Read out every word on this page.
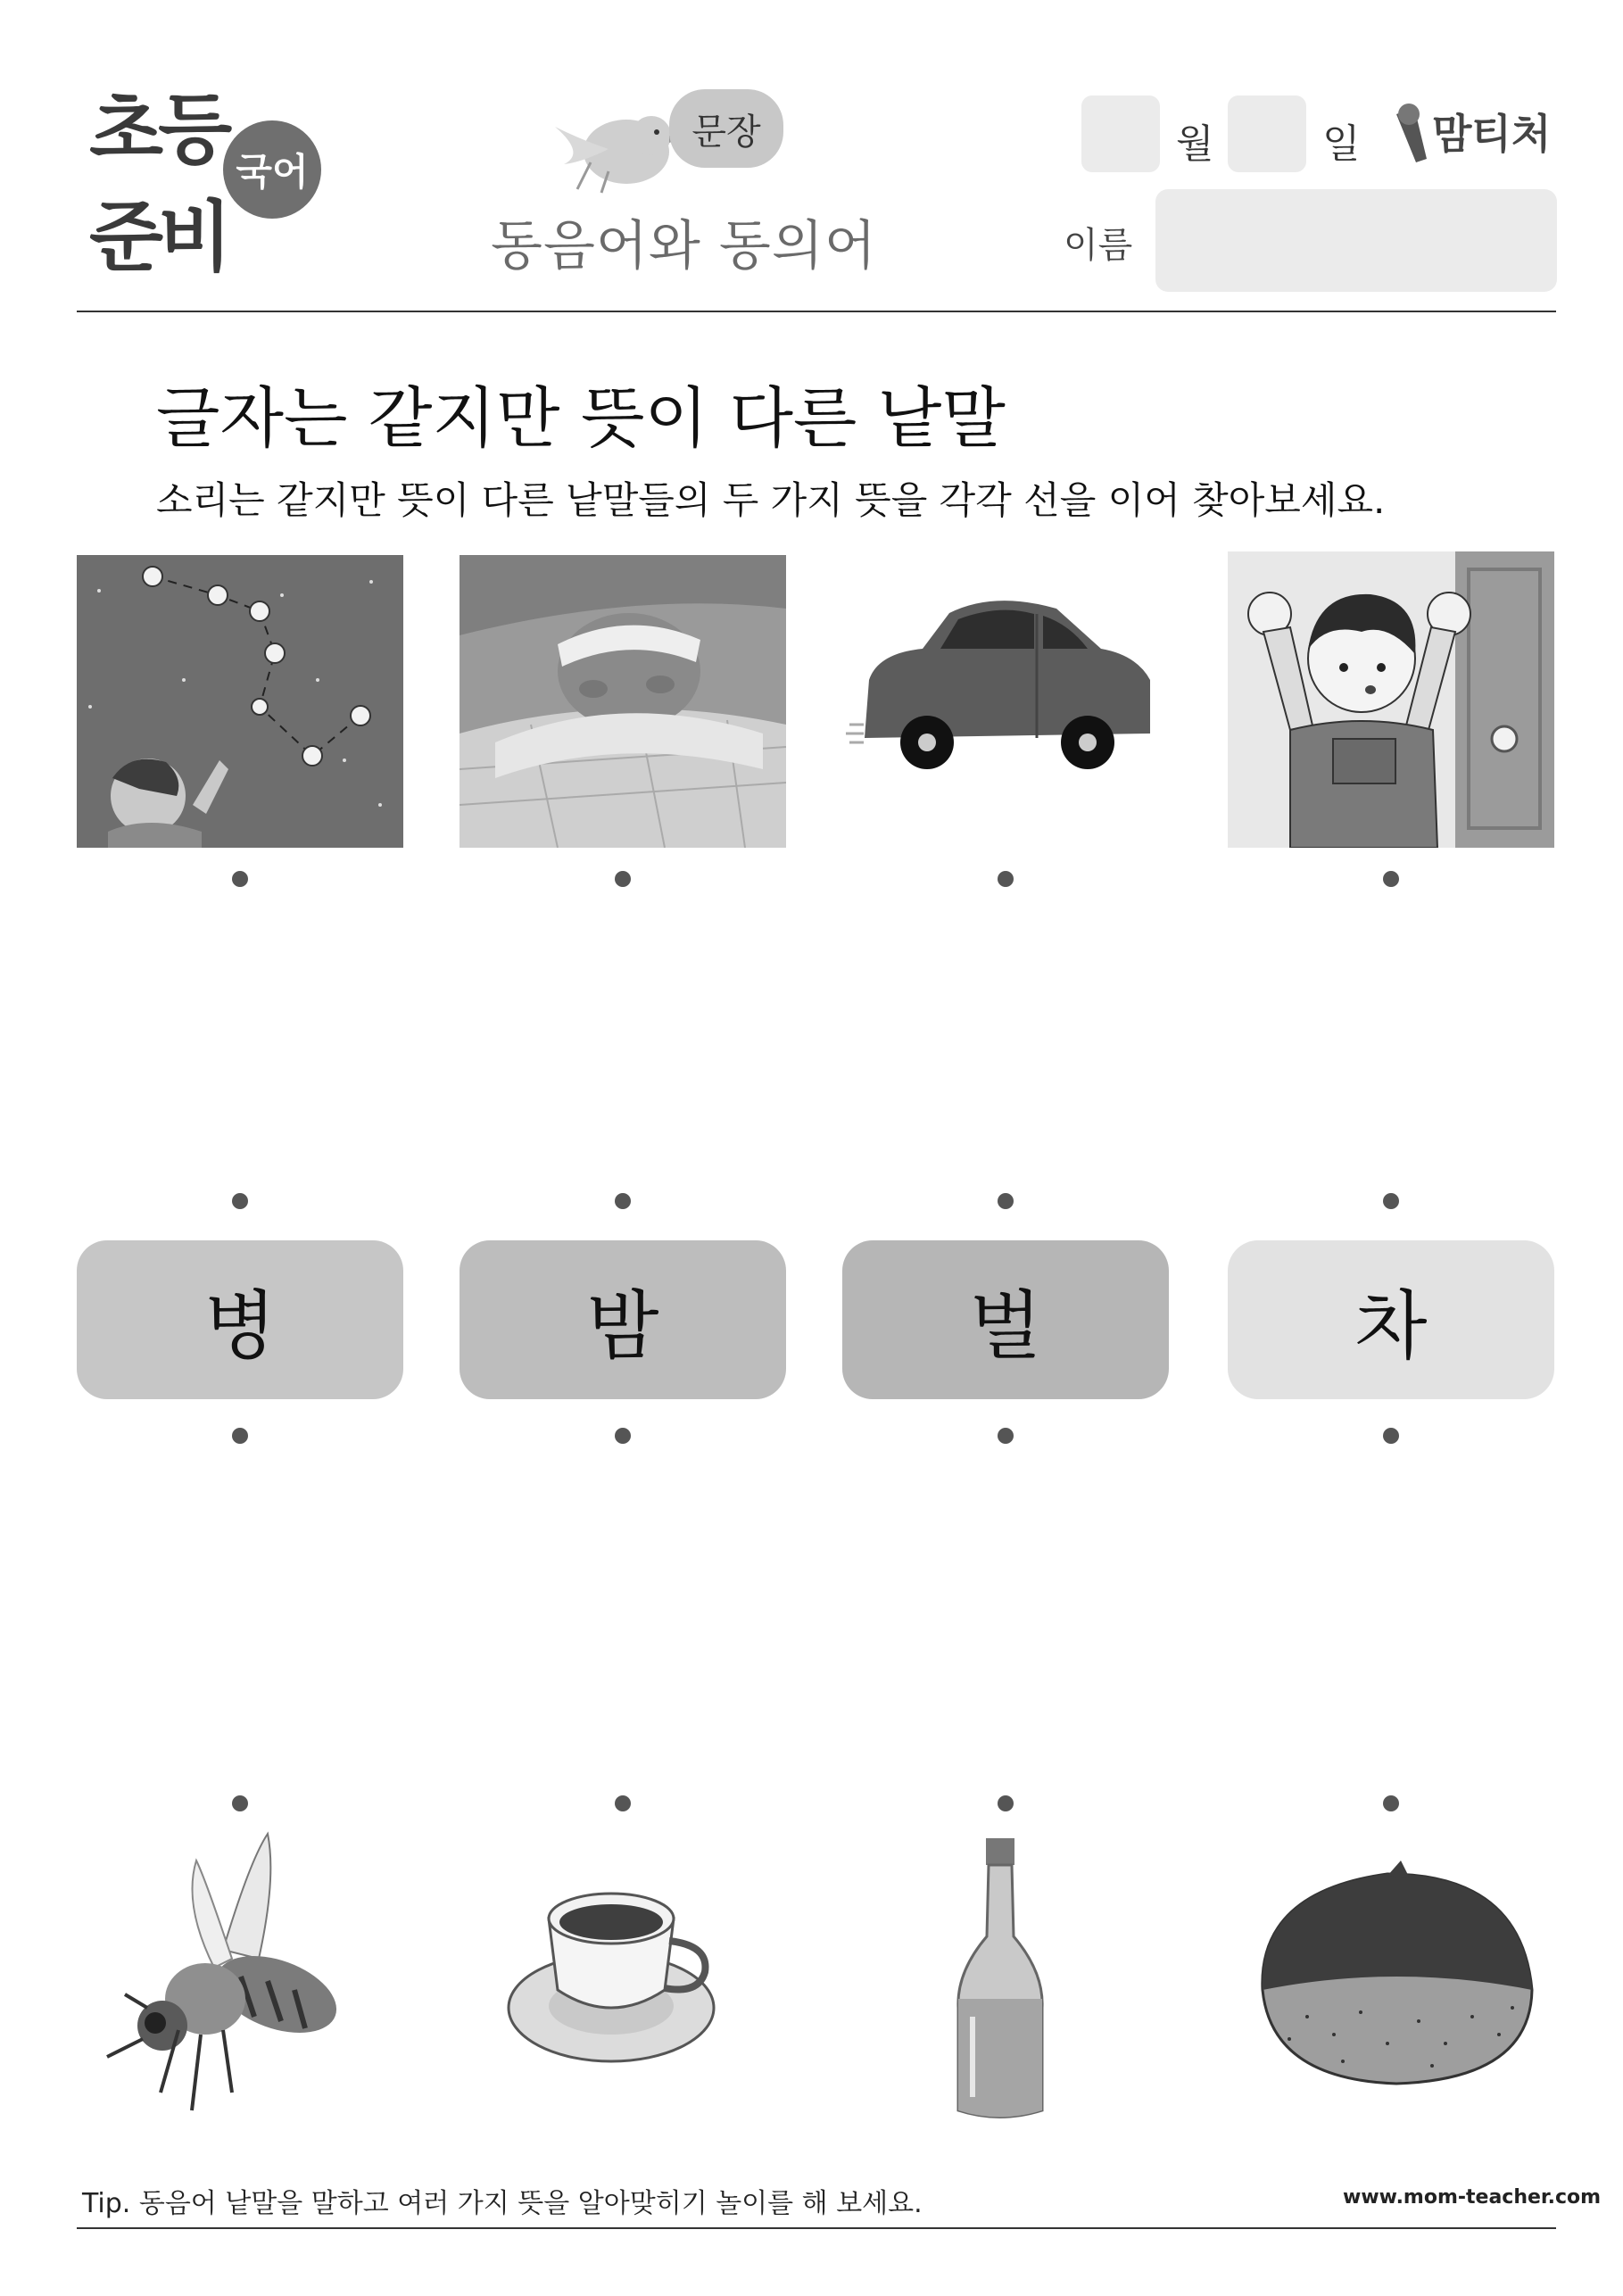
초등
준비
국어
문장
동음어와 동의어
월	일 맘티처
이름
글자는 같지만 뜻이 다른 낱말
소리는 같지만 뜻이 다른 낱말들의 두 가지 뜻을 각각 선을 이어 찾아보세요.
병	밤	벌	차
Tip. 동음어 낱말을 말하고 여러 가지 뜻을 알아맞히기 놀이를 해 보세요.	www.mom-teacher.com
